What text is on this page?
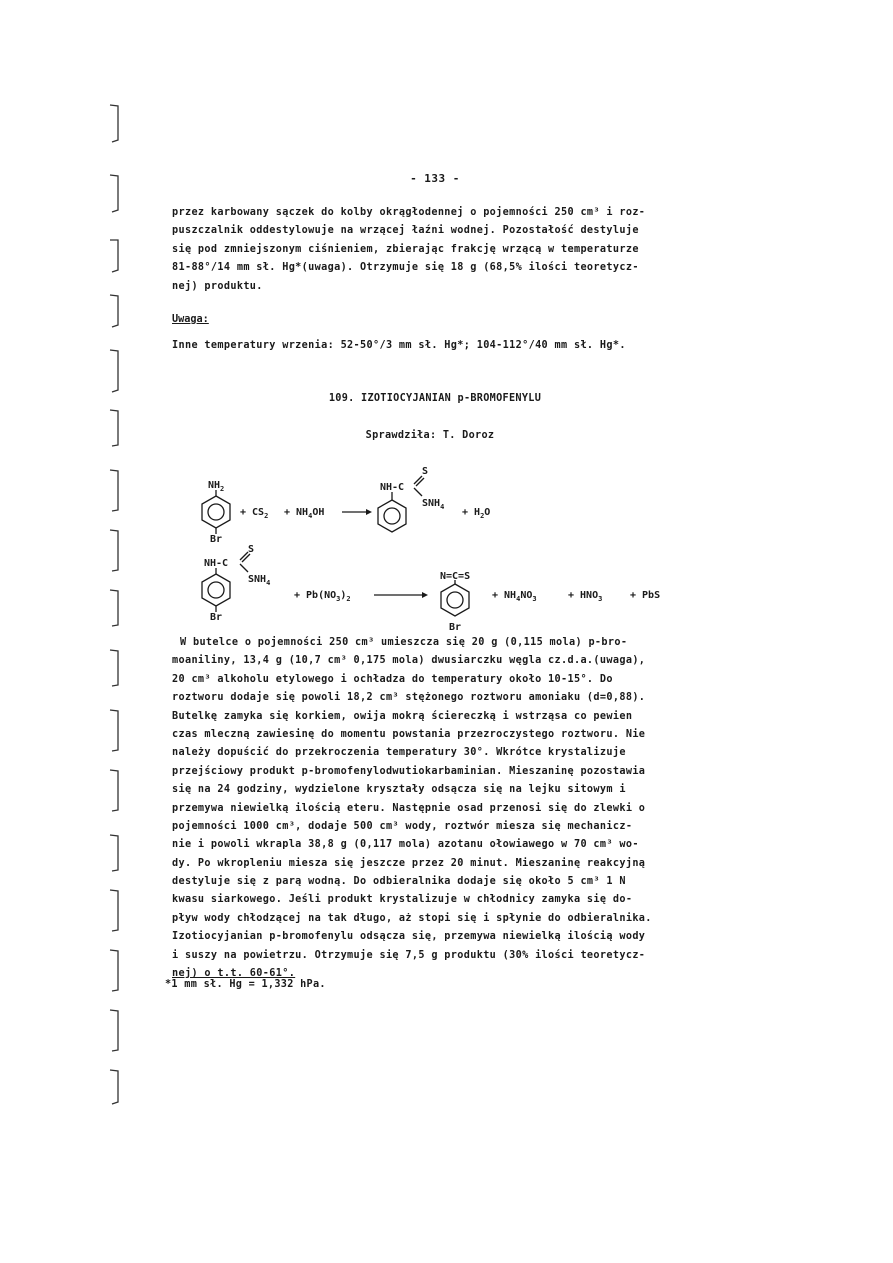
- 133 -
przez karbowany sączek do kolby okrągłodennej o pojemności 250 cm³ i roz-
puszczalnik oddestylowuje na wrzącej łaźni wodnej. Pozostałość destyluje
się pod zmniejszonym ciśnieniem, zbierając frakcję wrzącą w temperaturze
81-88°/14 mm sł. Hg*(uwaga). Otrzymuje się 18 g (68,5% ilości teoretycz-
nej) produktu.
Uwaga:
Inne temperatury wrzenia: 52-50°/3 mm sł. Hg*; 104-112°/40 mm sł. Hg*.
109. IZOTIOCYJANIAN p-BROMOFENYLU
Sprawdziła: T. Doroz
$NH_2$
Br
+ $CS_2 + NH_4OH$
NH-C
S
$SNH_4 + H_2O$
NH-C
S
$SNH_4$
Br
+ $Pb(NO_3)_2$
N=C=S
Br
+ $NH_4NO_3$	+ $HNO_3$	+ PbS
W butelce o pojemności 250 cm³ umieszcza się 20 g (0,115 mola) p-bro-
moaniliny, 13,4 g (10,7 cm³ 0,175 mola) dwusiarczku węgla cz.d.a.(uwaga),
20 cm³ alkoholu etylowego i ochładza do temperatury około 10-15°. Do
roztworu dodaje się powoli 18,2 cm³ stężonego roztworu amoniaku (d=0,88).
Butelkę zamyka się korkiem, owija mokrą ściereczką i wstrząsa co pewien
czas mleczną zawiesinę do momentu powstania przezroczystego roztworu. Nie
należy dopuścić do przekroczenia temperatury 30°. Wkrótce krystalizuje
przejściowy produkt p-bromofenylodwutiokarbaminian. Mieszaninę pozostawia
się na 24 godziny, wydzielone kryształy odsącza się na lejku sitowym i
przemywa niewielką ilością eteru. Następnie osad przenosi się do zlewki o
pojemności 1000 cm³, dodaje 500 cm³ wody, roztwór miesza się mechanicz-
nie i powoli wkrapla 38,8 g (0,117 mola) azotanu ołowiawego w 70 cm³ wo-
dy. Po wkropleniu miesza się jeszcze przez 20 minut. Mieszaninę reakcyjną
destyluje się z parą wodną. Do odbieralnika dodaje się około 5 cm³ 1 N
kwasu siarkowego. Jeśli produkt krystalizuje w chłodnicy zamyka się do-
pływ wody chłodzącej na tak długo, aż stopi się i spłynie do odbieralnika.
Izotiocyjanian p-bromofenylu odsącza się, przemywa niewielką ilością wody
i suszy na powietrzu. Otrzymuje się 7,5 g produktu (30% ilości teoretycz-
nej) o t.t. 60-61°.
*1 mm sł. Hg = 1,332 hPa.
